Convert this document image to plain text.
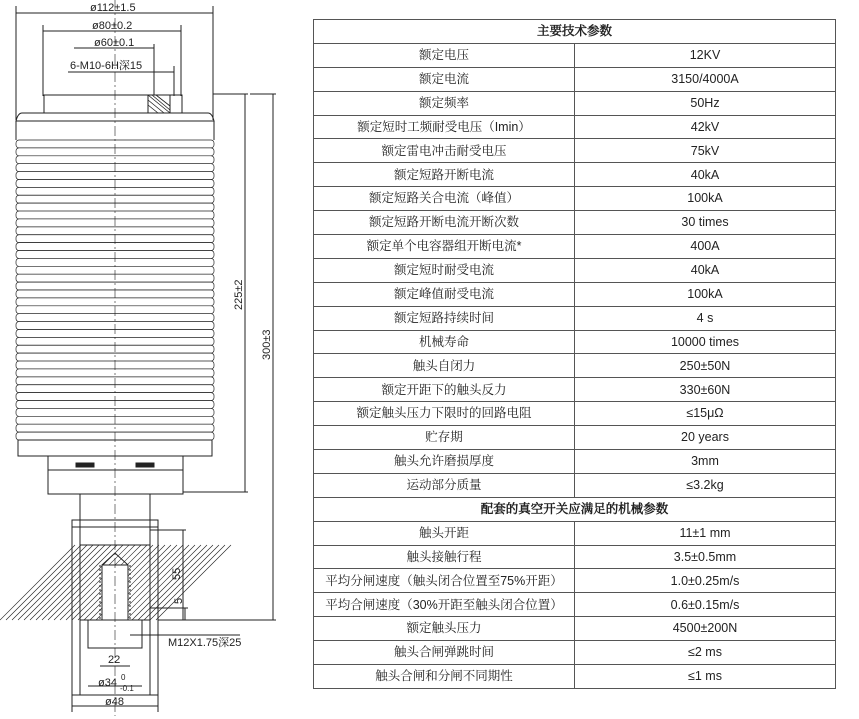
ø112±1.5
ø80±0.2
ø60±0.1
6-M10-6H深15
225±2
300±3
55
5
M12X1.75深25
22
ø34 0
-0.1
ø48
主要技术参数	
额定电压	12KV
额定电流	3150/4000A
额定频率	50Hz
额定短时工频耐受电压（Imin）	42kV
额定雷电冲击耐受电压	75kV
额定短路开断电流	40kA
额定短路关合电流（峰值）	100kA
额定短路开断电流开断次数	30 times
额定单个电容器组开断电流*	400A
额定短时耐受电流	40kA
额定峰值耐受电流	100kA
额定短路持续时间	4 s
机械寿命	10000 times
触头自闭力	250±50N
额定开距下的触头反力	330±60N
额定触头压力下限时的回路电阻	≤15μΩ
贮存期	20 years
触头允许磨损厚度	3mm
运动部分质量	≤3.2kg
配套的真空开关应满足的机械参数	
触头开距	11±1 mm
触头接触行程	3.5±0.5mm
平均分闸速度（触头闭合位置至75%开距）	1.0±0.25m/s
平均合闸速度（30%开距至触头闭合位置）	0.6±0.15m/s
额定触头压力	4500±200N
触头合闸弹跳时间	≤2 ms
触头合闸和分闸不同期性	≤1 ms
